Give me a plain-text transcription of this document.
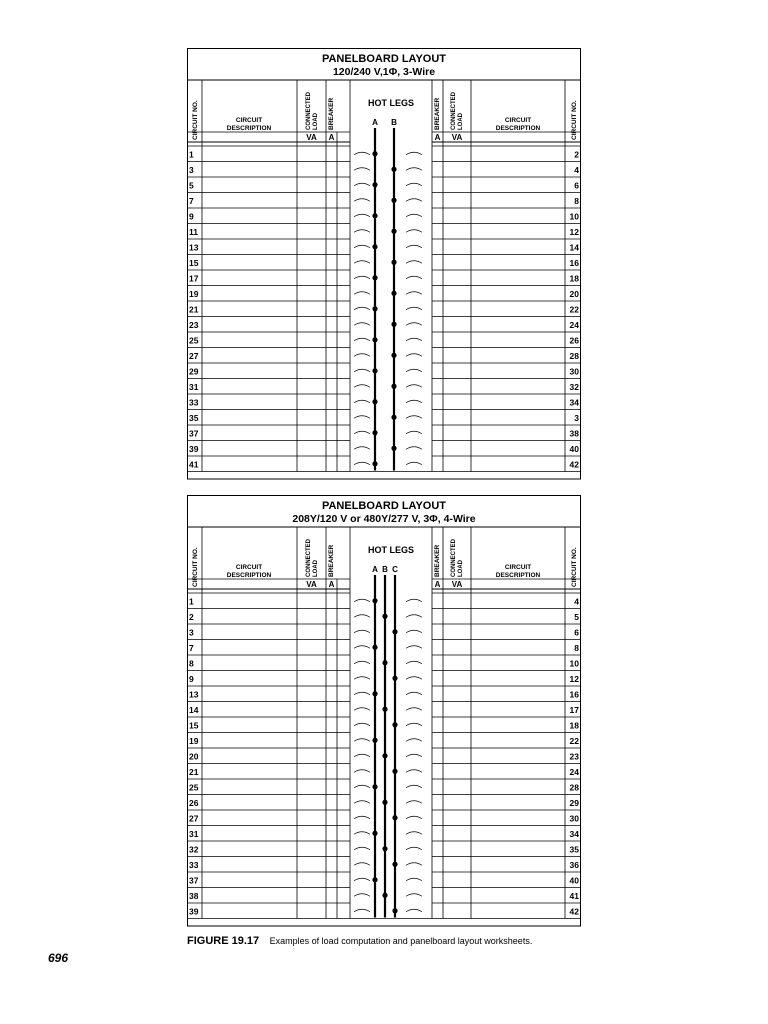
PANELBOARD LAYOUT
120/240 V,1Φ, 3-Wire
CIRCUIT NO.	CIRCUIT NO.
BREAKER	BREAKER
CONNECTED LOAD	CONNECTED LOAD
CIRCUIT
DESCRIPTION
CIRCUIT
DESCRIPTION
VA A	A VA
HOT LEGS
A B
1	2
3	4
5	6
7	8
9	10
11	12
13	14
15	16
17	18
19	20
21	22
23	24
25	26
27	28
29	30
31	32
33	34
35	3
37	38
39	40
41	42
PANELBOARD LAYOUT
208Y/120 V or 480Y/277 V, 3Φ, 4-Wire
CIRCUIT NO.	CIRCUIT NO.
BREAKER	BREAKER
CONNECTED LOAD	CONNECTED LOAD
CIRCUIT
DESCRIPTION
CIRCUIT
DESCRIPTION
VA A	A VA
HOT LEGS
A B C
1	4
2	5
3	6
7	8
8	10
9	12
13	16
14	17
15	18
19	22
20	23
21	24
25	28
26	29
27	30
31	34
32	35
33	36
37	40
38	41
39	42
FIGURE 19.17 Examples of load computation and panelboard layout worksheets.
696
